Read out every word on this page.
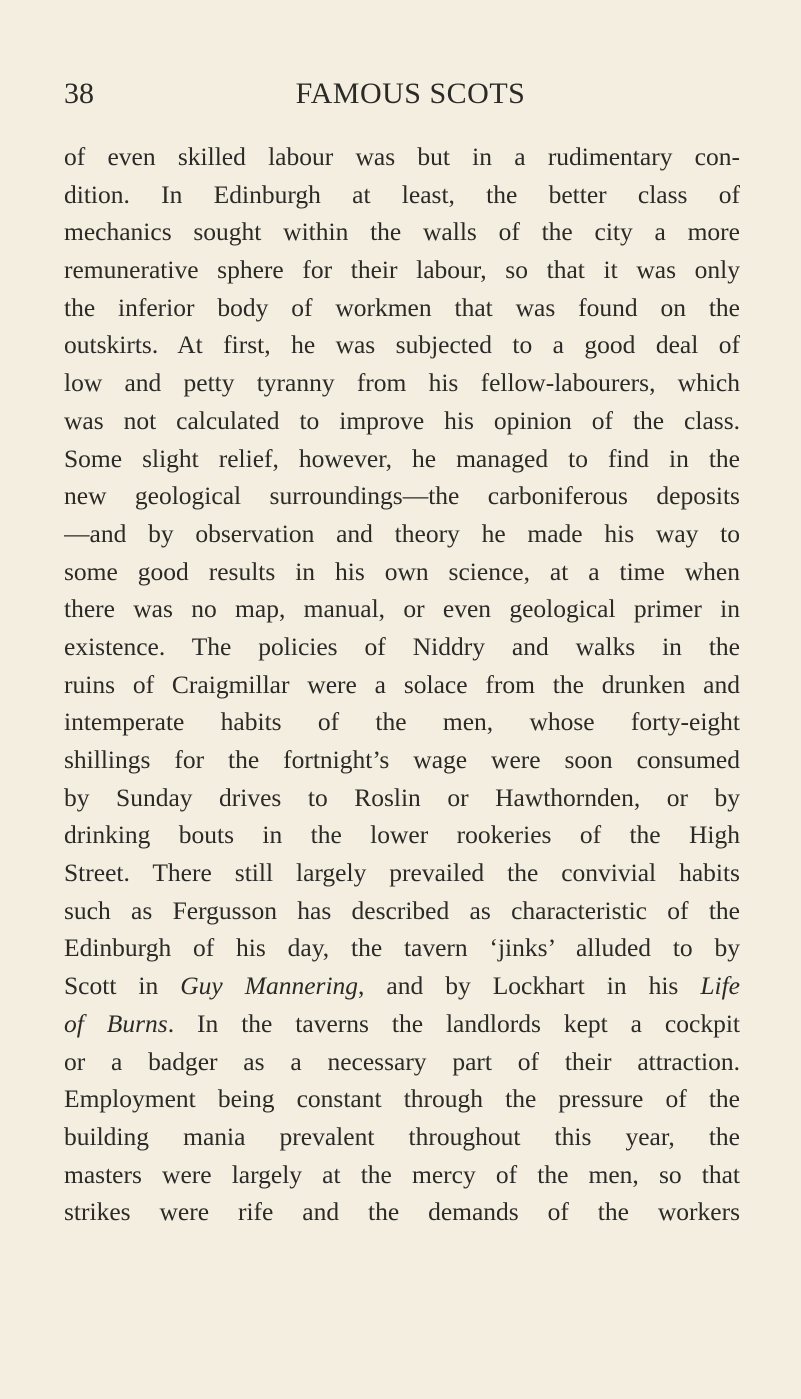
38	FAMOUS SCOTS
of even skilled labour was but in a rudimentary con-
dition. In Edinburgh at least, the better class of
mechanics sought within the walls of the city a more
remunerative sphere for their labour, so that it was only
the inferior body of workmen that was found on the
outskirts. At first, he was subjected to a good deal of
low and petty tyranny from his fellow-labourers, which
was not calculated to improve his opinion of the class.
Some slight relief, however, he managed to find in the
new geological surroundings—the carboniferous deposits
—and by observation and theory he made his way to
some good results in his own science, at a time when
there was no map, manual, or even geological primer in
existence. The policies of Niddry and walks in the
ruins of Craigmillar were a solace from the drunken and
intemperate habits of the men, whose forty-eight
shillings for the fortnight’s wage were soon consumed
by Sunday drives to Roslin or Hawthornden, or by
drinking bouts in the lower rookeries of the High
Street. There still largely prevailed the convivial habits
such as Fergusson has described as characteristic of the
Edinburgh of his day, the tavern ‘jinks’ alluded to by
Scott in Guy Mannering, and by Lockhart in his Life
of Burns. In the taverns the landlords kept a cockpit
or a badger as a necessary part of their attraction.
Employment being constant through the pressure of the
building mania prevalent throughout this year, the
masters were largely at the mercy of the men, so that
strikes were rife and the demands of the workers
